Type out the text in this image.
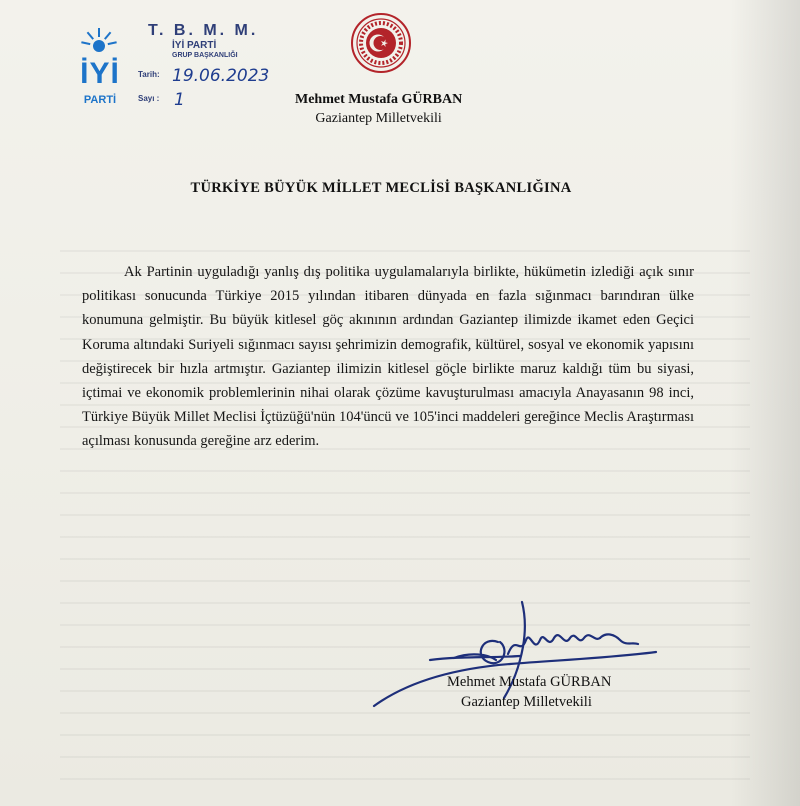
İYİ
PARTİ
T. B. M. M.
İYİ PARTİ
GRUP BAŞKANLIĞI
Tarih:
Sayı :
19.06.2023
1	Mehmet Mustafa GÜRBAN
Gaziantep Milletvekili
TÜRKİYE BÜYÜK MİLLET MECLİSİ BAŞKANLIĞINA

Ak Partinin uyguladığı yanlış dış politika uygulamalarıyla birlikte, hükümetin izlediği açık sınır politikası sonucunda Türkiye 2015 yılından itibaren dünyada en fazla sığınmacı barındıran ülke konumuna gelmiştir. Bu büyük kitlesel göç akınının ardından Gaziantep ilimizde ikamet eden Geçici Koruma altındaki Suriyeli sığınmacı sayısı şehrimizin demografik, kültürel, sosyal ve ekonomik yapısını değiştirecek bir hızla artmıştır. Gaziantep ilimizin kitlesel göçle birlikte maruz kaldığı tüm bu siyasi, içtimai ve ekonomik problemlerinin nihai olarak çözüme kavuşturulması amacıyla Anayasanın 98 inci, Türkiye Büyük Millet Meclisi İçtüzüğü'nün 104'üncü ve 105'inci maddeleri gereğince Meclis Araştırması açılması konusunda gereğine arz ederim.

Mehmet Mustafa GÜRBAN
Gaziantep Milletvekili
